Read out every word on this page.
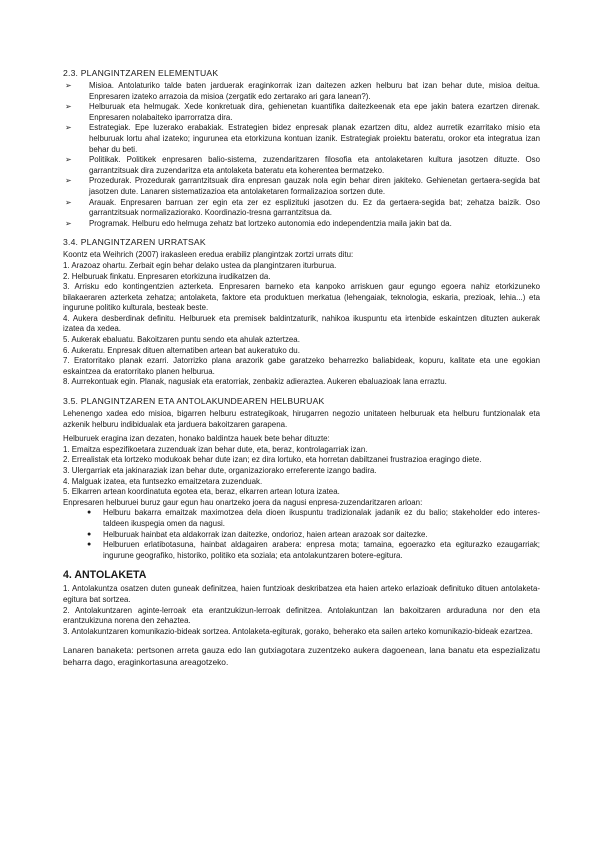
2.3. PLANGINTZAREN ELEMENTUAK
➢	Misioa. Antolaturiko talde baten jarduerak eraginkorrak izan daitezen azken helburu bat izan behar dute, misioa deitua. Enpresaren izateko arrazoia da misioa (zergatik edo zertarako ari gara lanean?).
➢	Helburuak eta helmugak. Xede konkretuak dira, gehienetan kuantifika daitezkeenak eta epe jakin batera ezartzen direnak. Enpresaren nolabaiteko iparrorratza dira.
➢	Estrategiak. Epe luzerako erabakiak. Estrategien bidez enpresak planak ezartzen ditu, aldez aurretik ezarritako misio eta helburuak lortu ahal izateko; ingurunea eta etorkizuna kontuan izanik. Estrategiak proiektu bateratu, orokor eta integratua izan behar du beti.
➢	Politikak. Politikek enpresaren balio-sistema, zuzendaritzaren filosofia eta antolaketaren kultura jasotzen dituzte. Oso garrantzitsuak dira zuzendaritza eta antolaketa bateratu eta koherentea bermatzeko.
➢	Prozedurak. Prozedurak garrantzitsuak dira enpresan gauzak nola egin behar diren jakiteko. Gehienetan gertaera-segida bat jasotzen dute. Lanaren sistematizazioa eta antolaketaren formalizazioa sortzen dute.
➢	Arauak. Enpresaren barruan zer egin eta zer ez esplizituki jasotzen du. Ez da gertaera-segida bat; zehatza baizik. Oso garrantzitsuak normalizaziorako. Koordinazio-tresna garrantzitsua da.
➢	Programak. Helburu edo helmuga zehatz bat lortzeko autonomia edo independentzia maila jakin bat da.
3.4. PLANGINTZAREN URRATSAK

Koontz eta Weihrich (2007) irakasleen eredua erabiliz plangintzak zortzi urrats ditu:

1. Arazoaz ohartu. Zerbait egin behar delako ustea da plangintzaren iturburua.

2. Helburuak finkatu. Enpresaren etorkizuna irudikatzen da.

3. Arrisku edo kontingentzien azterketa. Enpresaren barneko eta kanpoko arriskuen gaur egungo egoera nahiz etorkizuneko bilakaeraren azterketa zehatza; antolaketa, faktore eta produktuen merkatua (lehengaiak, teknologia, eskaria, prezioak, lehia...) eta ingurune politiko kulturala, besteak beste.

4. Aukera desberdinak definitu. Helburuek eta premisek baldintzaturik, nahikoa ikuspuntu eta irtenbide eskaintzen dituzten aukerak izatea da xedea.

5. Aukerak ebaluatu. Bakoitzaren puntu sendo eta ahulak aztertzea.

6. Aukeratu. Enpresak dituen alternatiben artean bat aukeratuko du.

7. Eratorritako planak ezarri. Jatorrizko plana arazorik gabe garatzeko beharrezko baliabideak, kopuru, kalitate eta une egokian eskaintzea da eratorritako planen helburua.

8. Aurrekontuak egin. Planak, nagusiak eta eratorriak, zenbakiz adieraztea. Aukeren ebaluazioak lana erraztu.

3.5. PLANGINTZAREN ETA ANTOLAKUNDEAREN HELBURUAK

Lehenengo xadea edo misioa, bigarren helburu estrategikoak, hirugarren negozio unitateen helburuak eta helburu funtzionalak eta azkenik helburu indibidualak eta jarduera bakoitzaren garapena.

Helburuek eragina izan dezaten, honako baldintza hauek bete behar dituzte:

1. Emaitza espezifikoetara zuzenduak izan behar dute, eta, beraz, kontrolagarriak izan.

2. Errealistak eta lortzeko modukoak behar dute izan; ez dira lortuko, eta horretan dabiltzanei frustrazioa eragingo diete.

3. Ulergarriak eta jakinaraziak izan behar dute, organizaziorako erreferente izango badira.

4. Malguak izatea, eta funtsezko emaitzetara zuzenduak.

5. Elkarren artean koordinatuta egotea eta, beraz, elkarren artean lotura izatea.

Enpresaren helburuei buruz gaur egun hau onartzeko joera da nagusi enpresa-zuzendaritzaren arloan:

●	Helburu bakarra emaitzak maximotzea dela dioen ikuspuntu tradizionalak jadanik ez du balio; stakeholder edo interes-taldeen ikuspegia omen da nagusi.
●	Helburuak hainbat eta aldakorrak izan daitezke, ondorioz, haien artean arazoak sor daitezke.
●	Helburuen erlatibotasuna, hainbat aldagairen arabera: enpresa mota; tamaina, egoerazko eta egiturazko ezaugarriak; ingurune geografiko, historiko, politiko eta soziala; eta antolakuntzaren botere-egitura.
4. ANTOLAKETA

1. Antolakuntza osatzen duten guneak definitzea, haien funtzioak deskribatzea eta haien arteko erlazioak definituko dituen antolaketa-egitura bat sortzea.

2. Antolakuntzaren aginte-lerroak eta erantzukizun-lerroak definitzea. Antolakuntzan lan bakoitzaren arduraduna nor den eta erantzukizuna norena den zehaztea.

3. Antolakuntzaren komunikazio-bideak sortzea. Antolaketa-egiturak, gorako, beherako eta sailen arteko komunikazio-bideak ezartzea.

Lanaren banaketa: pertsonen arreta gauza edo lan gutxiagotara zuzentzeko aukera dagoenean, lana banatu eta espezializatu beharra dago, eraginkortasuna areagotzeko.
